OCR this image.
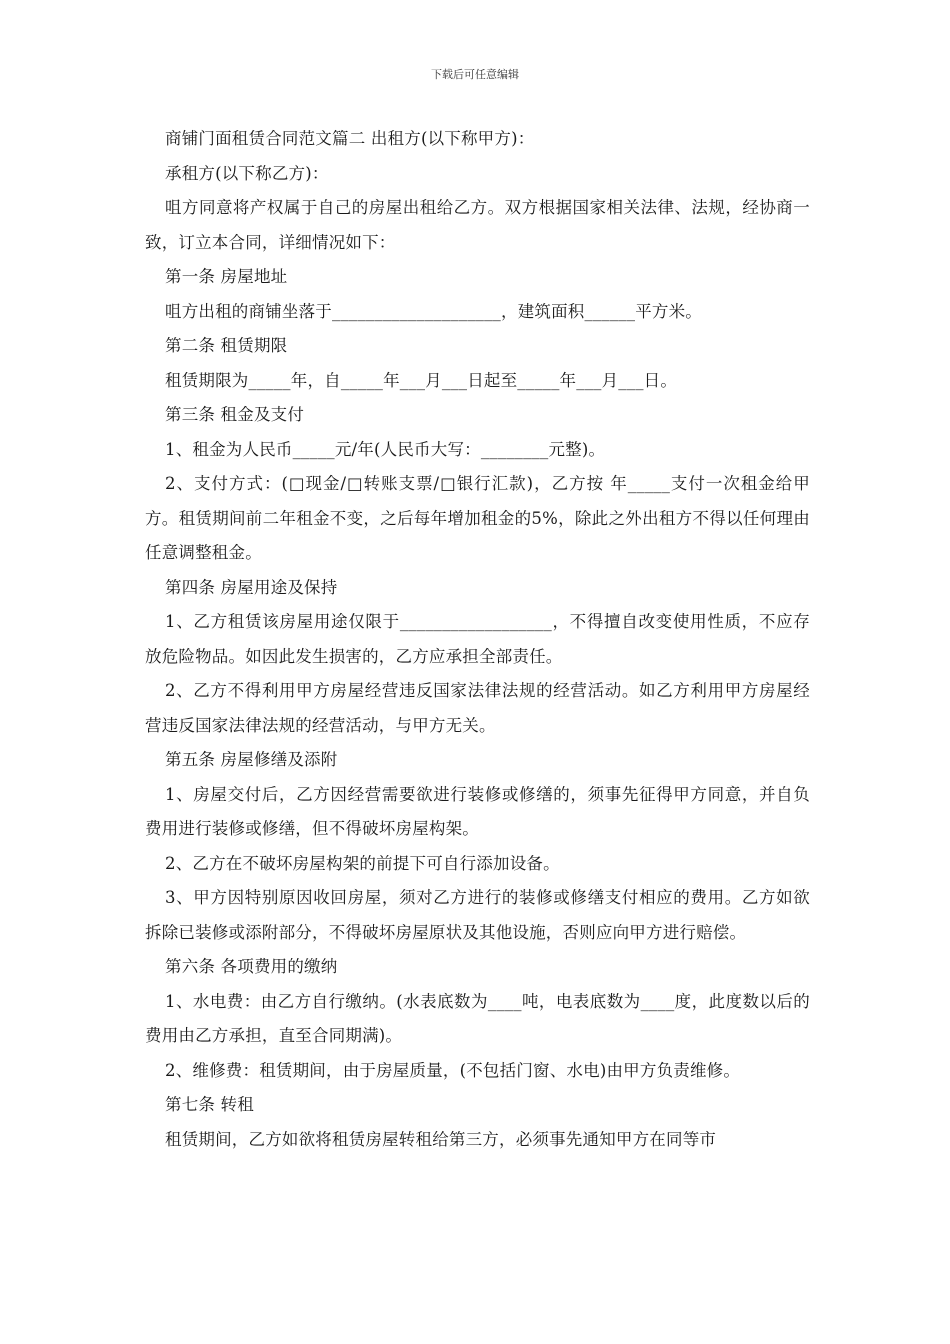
下载后可任意编辑

商铺门面租赁合同范文篇二 出租方(以下称甲方)：

承租方(以下称乙方)：

咀方同意将产权属于自己的房屋出租给乙方。双方根据国家相关法律、法规，经协商一致，订立本合同，详细情况如下：

第一条 房屋地址

咀方出租的商铺坐落于____________________，建筑面积______平方米。

第二条 租赁期限

租赁期限为_____年，自_____年___月___日起至_____年___月___日。

第三条 租金及支付

1、租金为人民币_____元/年(人民币大写：________元整)。

2、支付方式：(□现金/□转账支票/□银行汇款)，乙方按 年_____支付一次租金给甲方。租赁期间前二年租金不变，之后每年增加租金的5%，除此之外出租方不得以任何理由任意调整租金。

第四条 房屋用途及保持

1、乙方租赁该房屋用途仅限于__________________，不得擅自改变使用性质，不应存放危险物品。如因此发生损害的，乙方应承担全部责任。

2、乙方不得利用甲方房屋经营违反国家法律法规的经营活动。如乙方利用甲方房屋经营违反国家法律法规的经营活动，与甲方无关。

第五条 房屋修缮及添附

1、房屋交付后，乙方因经营需要欲进行装修或修缮的，须事先征得甲方同意，并自负费用进行装修或修缮，但不得破坏房屋构架。

2、乙方在不破坏房屋构架的前提下可自行添加设备。

3、甲方因特别原因收回房屋，须对乙方进行的装修或修缮支付相应的费用。乙方如欲拆除已装修或添附部分，不得破坏房屋原状及其他设施，否则应向甲方进行赔偿。

第六条 各项费用的缴纳

1、水电费：由乙方自行缴纳。(水表底数为____吨，电表底数为____度，此度数以后的费用由乙方承担，直至合同期满)。

2、维修费：租赁期间，由于房屋质量，(不包括门窗、水电)由甲方负责维修。

第七条 转租

租赁期间，乙方如欲将租赁房屋转租给第三方，必须事先通知甲方在同等市
